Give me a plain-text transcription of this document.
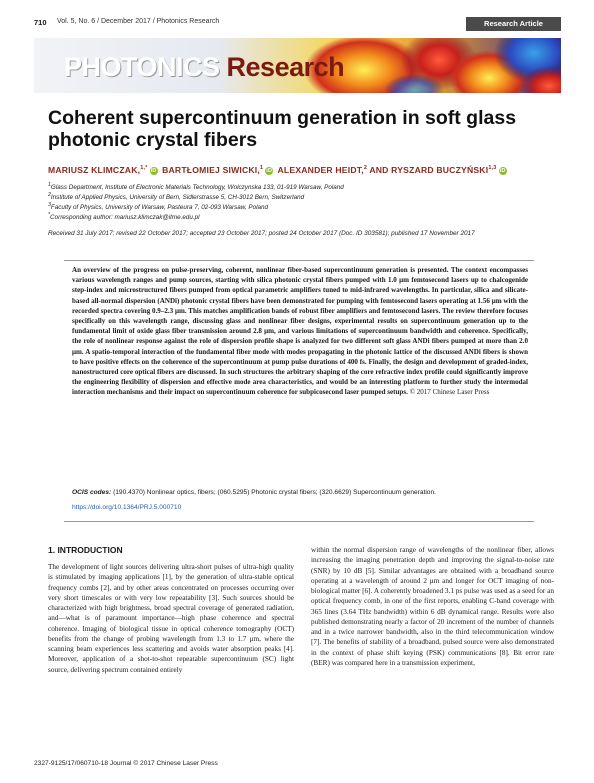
710 Vol. 5, No. 6 / December 2017 / Photonics Research	Research Article
PHOTONICS Research
Coherent supercontinuum generation in soft glass photonic crystal fibers
MARIUSZ KLIMCZAK,$^{1,*}$ iD BARTŁOMIEJ SIWICKI,$^1$ iD ALEXANDER HEIDT,$^2$ AND RYSZARD BUCZYŃSKI$^{1,3}$ iD
$^1$Glass Department, Institute of Electronic Materials Technology, Wolczynska 133, 01-919 Warsaw, Poland
$^2$Institute of Applied Physics, University of Bern, Sidlerstrasse 5, CH-3012 Bern, Switzerland
$^3$Faculty of Physics, University of Warsaw, Pasteura 7, 02-093 Warsaw, Poland
*Corresponding author: mariusz.klimczak@itme.edu.pl
Received 31 July 2017; revised 22 October 2017; accepted 23 October 2017; posted 24 October 2017 (Doc. ID 303581); published 17 November 2017
An overview of the progress on pulse-preserving, coherent, nonlinear fiber-based supercontinuum generation is presented. The context encompasses various wavelength ranges and pump sources, starting with silica photonic crystal fibers pumped with 1.0 μm femtosecond lasers up to chalcogenide step-index and microstructured fibers pumped from optical parametric amplifiers tuned to mid-infrared wavelengths. In particular, silica and silicate-based all-normal dispersion (ANDi) photonic crystal fibers have been demonstrated for pumping with femtosecond lasers operating at 1.56 μm with the recorded spectra covering 0.9–2.3 μm. This matches amplification bands of robust fiber amplifiers and femtosecond lasers. The review therefore focuses specifically on this wavelength range, discussing glass and nonlinear fiber designs, experimental results on supercontinuum generation up to the fundamental limit of oxide glass fiber transmission around 2.8 μm, and various limitations of supercontinuum bandwidth and coherence. Specifically, the role of nonlinear response against the role of dispersion profile shape is analyzed for two different soft glass ANDi fibers pumped at more than 2.0 μm. A spatio-temporal interaction of the fundamental fiber mode with modes propagating in the photonic lattice of the discussed ANDi fibers is shown to have positive effects on the coherence of the supercontinuum at pump pulse durations of 400 fs. Finally, the design and development of graded-index, nanostructured core optical fibers are discussed. In such structures the arbitrary shaping of the core refractive index profile could significantly improve the engineering flexibility of dispersion and effective mode area characteristics, and would be an interesting platform to further study the intermodal interaction mechanisms and their impact on supercontinuum coherence for subpicosecond laser pumped setups. © 2017 Chinese Laser Press
OCIS codes: (190.4370) Nonlinear optics, fibers; (060.5295) Photonic crystal fibers; (320.6629) Supercontinuum generation.
https://doi.org/10.1364/PRJ.5.000710
1. INTRODUCTION
The development of light sources delivering ultra-short pulses of ultra-high quality is stimulated by imaging applications [1], by the generation of ultra-stable optical frequency combs [2], and by other areas concentrated on processes occurring over very short timescales or with very low repeatability [3]. Such sources should be characterized with high brightness, broad spectral coverage of generated radiation, and—what is of paramount importance—high phase coherence and spectral coherence. Imaging of biological tissue in optical coherence tomography (OCT) benefits from the change of probing wavelength from 1.3 to 1.7 μm, where the scanning beam experiences less scattering and avoids water absorption peaks [4]. Moreover, application of a shot-to-shot repeatable supercontinuum (SC) light source, delivering spectrum contained entirely
within the normal dispersion range of wavelengths of the nonlinear fiber, allows increasing the imaging penetration depth and improving the signal-to-noise rate (SNR) by 10 dB [5]. Similar advantages are obtained with a broadband source operating at a wavelength of around 2 μm and longer for OCT imaging of non-biological matter [6]. A coherently broadened 3.1 ps pulse was used as a seed for an optical frequency comb, in one of the first reports, enabling C-band coverage with 365 lines (3.64 THz bandwidth) within 6 dB dynamical range. Results were also published demonstrating nearly a factor of 20 increment of the number of channels and in a twice narrower bandwidth, also in the third telecommunication window [7]. The benefits of stability of a broadband, pulsed source were also demonstrated in the context of phase shift keying (PSK) communications [8]. Bit error rate (BER) was compared here in a transmission experiment,
2327-9125/17/060710-18 Journal © 2017 Chinese Laser Press
